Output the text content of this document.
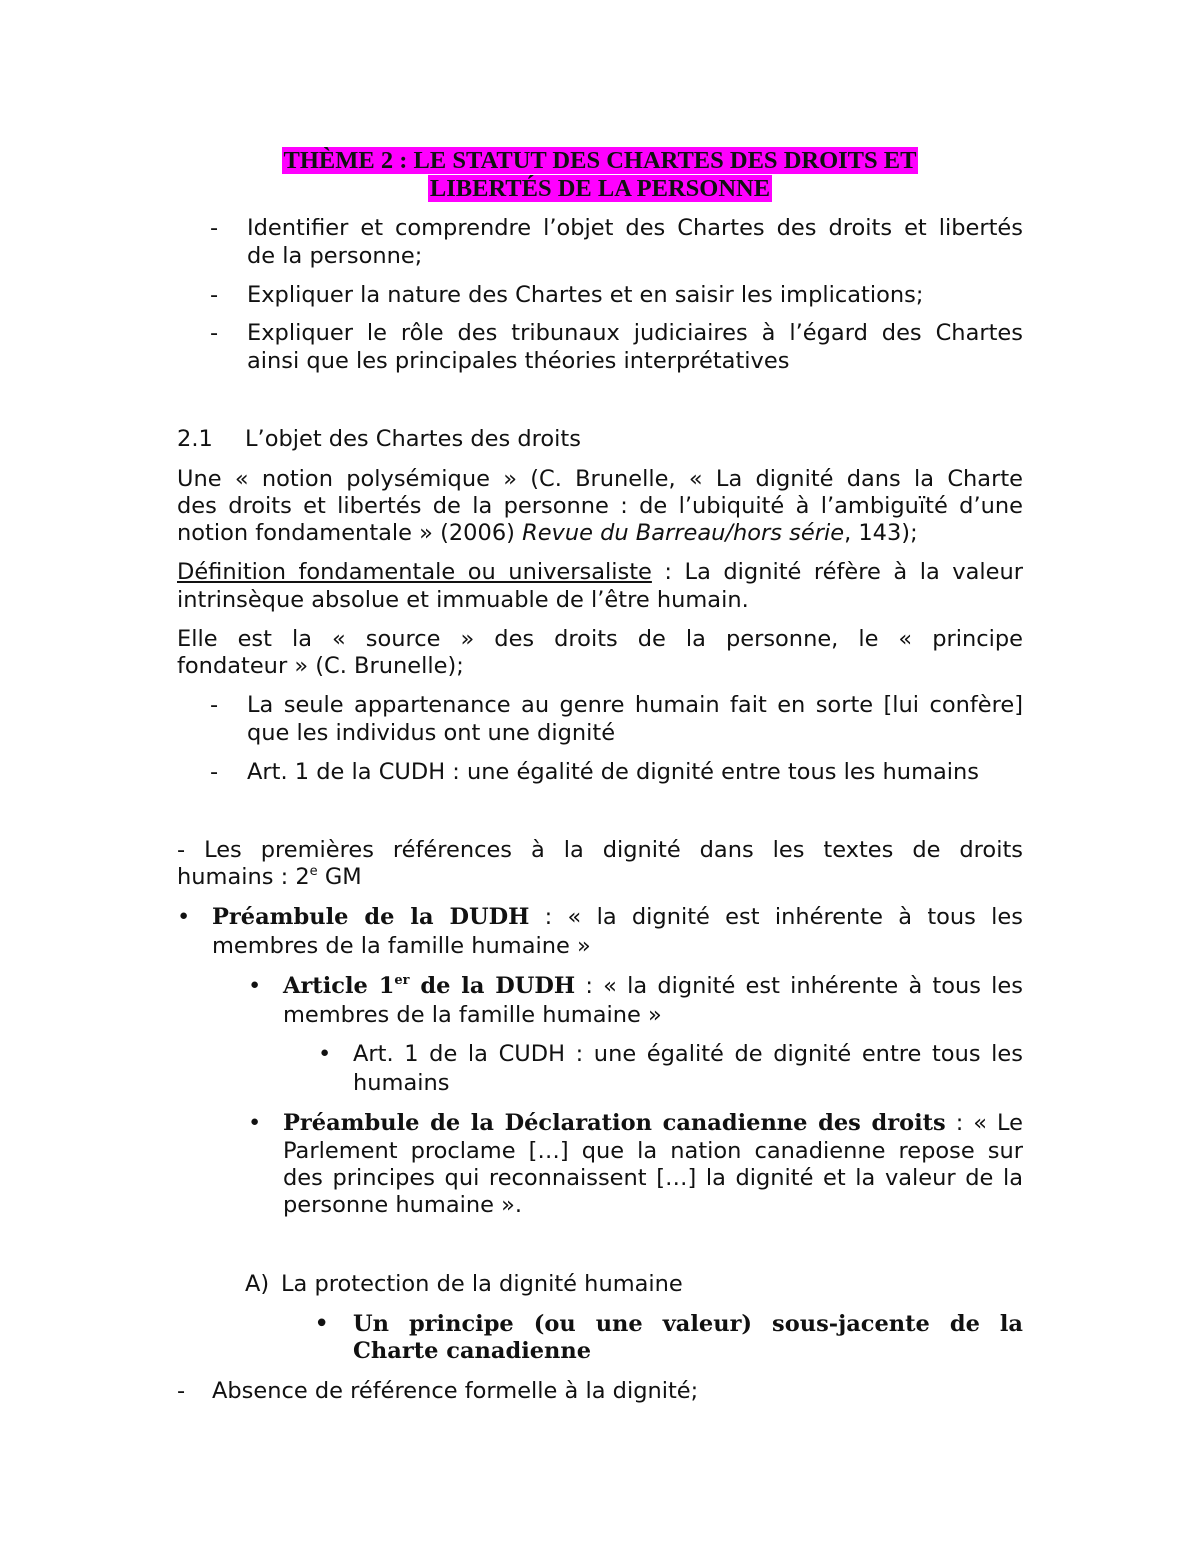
THÈME 2 : LE STATUT DES CHARTES DES DROITS ET
LIBERTÉS DE LA PERSONNE
- Identifier et comprendre l’objet des Chartes des droits et libertés
de la personne;
- Expliquer la nature des Chartes et en saisir les implications;
- Expliquer le rôle des tribunaux judiciaires à l’égard des Chartes
ainsi que les principales théories interprétatives
2.1 L’objet des Chartes des droits
Une « notion polysémique » (C. Brunelle, « La dignité dans la Charte
des droits et libertés de la personne : de l’ubiquité à l’ambiguïté d’une
notion fondamentale » (2006) Revue du Barreau/hors série, 143);
Définition fondamentale ou universaliste : La dignité réfère à la valeur
intrinsèque absolue et immuable de l’être humain.
Elle est la « source » des droits de la personne, le « principe
fondateur » (C. Brunelle);
- La seule appartenance au genre humain fait en sorte [lui confère]
que les individus ont une dignité
- Art. 1 de la CUDH : une égalité de dignité entre tous les humains
- Les premières références à la dignité dans les textes de droits
humains : 2e GM
• Préambule de la DUDH : « la dignité est inhérente à tous les
membres de la famille humaine »
• Article 1er de la DUDH : « la dignité est inhérente à tous les
membres de la famille humaine »
• Art. 1 de la CUDH : une égalité de dignité entre tous les
humains
• Préambule de la Déclaration canadienne des droits : « Le
Parlement proclame […] que la nation canadienne repose sur
des principes qui reconnaissent […] la dignité et la valeur de la
personne humaine ».
A) La protection de la dignité humaine
• Un principe (ou une valeur) sous-jacente de la
Charte canadienne
- Absence de référence formelle à la dignité;
